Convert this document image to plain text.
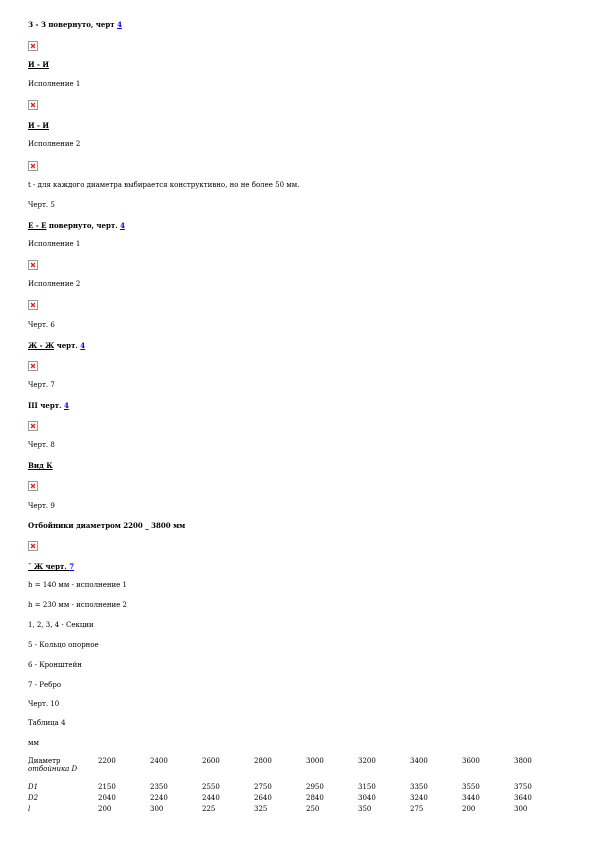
З - З повернуто, черт 4
И - И
Исполнение 1
И - И
Исполнение 2
t - для каждого диаметра выбирается конструктивно, но не более 50 мм.
Черт. 5
Е - Е повернуто, черт. 4
Исполнение 1
Исполнение 2
Черт. 6
Ж - Ж черт. 4
Черт. 7
III черт. 4
Черт. 8
Вид К
Черт. 9
Отбойники диаметром 2200 _ 3800 мм
¯ Ж черт. 7
h = 140 мм - исполнение 1
h = 230 мм - исполнение 2
1, 2, 3, 4 - Секции
5 - Кольцо опорное
6 - Кронштейн
7 - Ребро
Черт. 10
Таблица 4
мм
Диаметр
отбойника D	2200	2400	2600	2800	3000	3200	3400	3600	3800
D1	2150	2350	2550	2750	2950	3150	3350	3550	3750
D2	2040	2240	2440	2640	2840	3040	3240	3440	3640
l	200	300	225	325	250	350	275	200	300
